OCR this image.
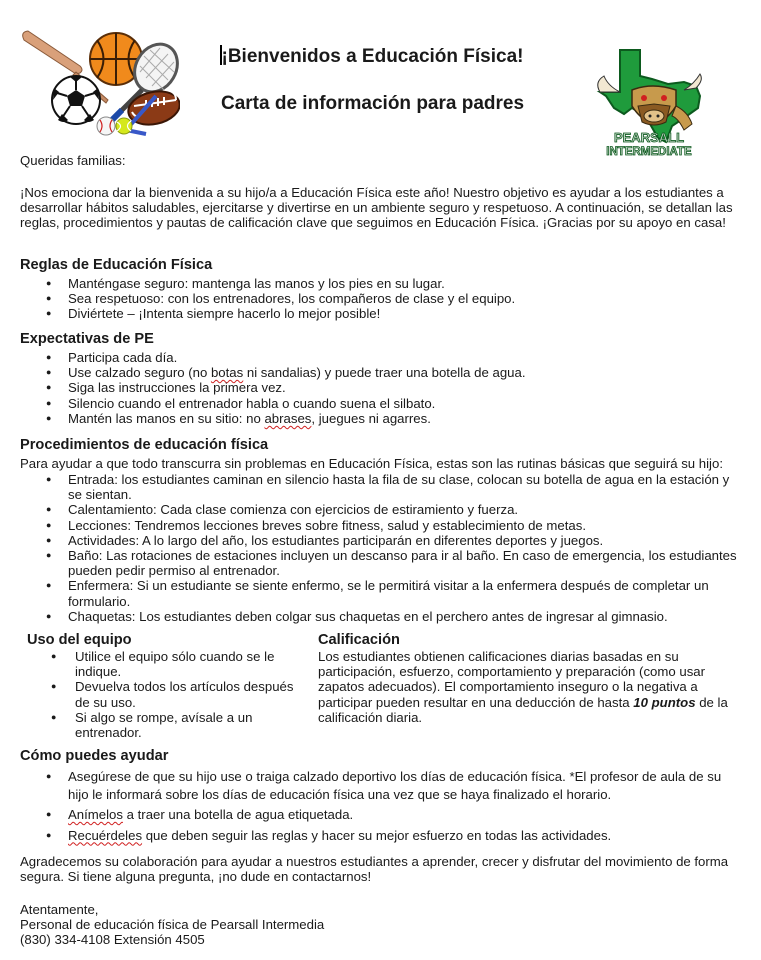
¡Bienvenidos a Educación Física!
Carta de información para padres
PEARSALL
INTERMEDIATE

Queridas familias:

¡Nos emociona dar la bienvenida a su hijo/a a Educación Física este año! Nuestro objetivo es ayudar a los estudiantes a desarrollar hábitos saludables, ejercitarse y divertirse en un ambiente seguro y respetuoso. A continuación, se detallan las reglas, procedimientos y pautas de calificación clave que seguimos en Educación Física. ¡Gracias por su apoyo en casa!

Reglas de Educación Física
● Manténgase seguro: mantenga las manos y los pies en su lugar.
● Sea respetuoso: con los entrenadores, los compañeros de clase y el equipo.
● Diviértete – ¡Intenta siempre hacerlo lo mejor posible!
Expectativas de PE
● Participa cada día.
● Use calzado seguro (no botas ni sandalias) y puede traer una botella de agua.
● Siga las instrucciones la primera vez.
● Silencio cuando el entrenador habla o cuando suena el silbato.
● Mantén las manos en su sitio: no abrases, juegues ni agarres.
Procedimientos de educación física

Para ayudar a que todo transcurra sin problemas en Educación Física, estas son las rutinas básicas que seguirá su hijo:

● Entrada: los estudiantes caminan en silencio hasta la fila de su clase, colocan su botella de agua en la estación y se sientan.
● Calentamiento: Cada clase comienza con ejercicios de estiramiento y fuerza.
● Lecciones: Tendremos lecciones breves sobre fitness, salud y establecimiento de metas.
● Actividades: A lo largo del año, los estudiantes participarán en diferentes deportes y juegos.
● Baño: Las rotaciones de estaciones incluyen un descanso para ir al baño. En caso de emergencia, los estudiantes pueden pedir permiso al entrenador.
● Enfermera: Si un estudiante se siente enfermo, se le permitirá visitar a la enfermera después de completar un formulario.
● Chaquetas: Los estudiantes deben colgar sus chaquetas en el perchero antes de ingresar al gimnasio.
Uso del equipo
● Utilice el equipo sólo cuando se le indique.
● Devuelva todos los artículos después de su uso.
● Si algo se rompe, avísale a un entrenador.
Calificación

Los estudiantes obtienen calificaciones diarias basadas en su participación, esfuerzo, comportamiento y preparación (como usar zapatos adecuados). El comportamiento inseguro o la negativa a participar pueden resultar en una deducción de hasta 10 puntos de la calificación diaria.

Cómo puedes ayudar
● Asegúrese de que su hijo use o traiga calzado deportivo los días de educación física. *El profesor de aula de su hijo le informará sobre los días de educación física una vez que se haya finalizado el horario.
● Anímelos a traer una botella de agua etiquetada.
● Recuérdeles que deben seguir las reglas y hacer su mejor esfuerzo en todas las actividades.

Agradecemos su colaboración para ayudar a nuestros estudiantes a aprender, crecer y disfrutar del movimiento de forma segura. Si tiene alguna pregunta, ¡no dude en contactarnos!

Atentamente,

Personal de educación física de Pearsall Intermedia

(830) 334-4108 Extensión 4505
